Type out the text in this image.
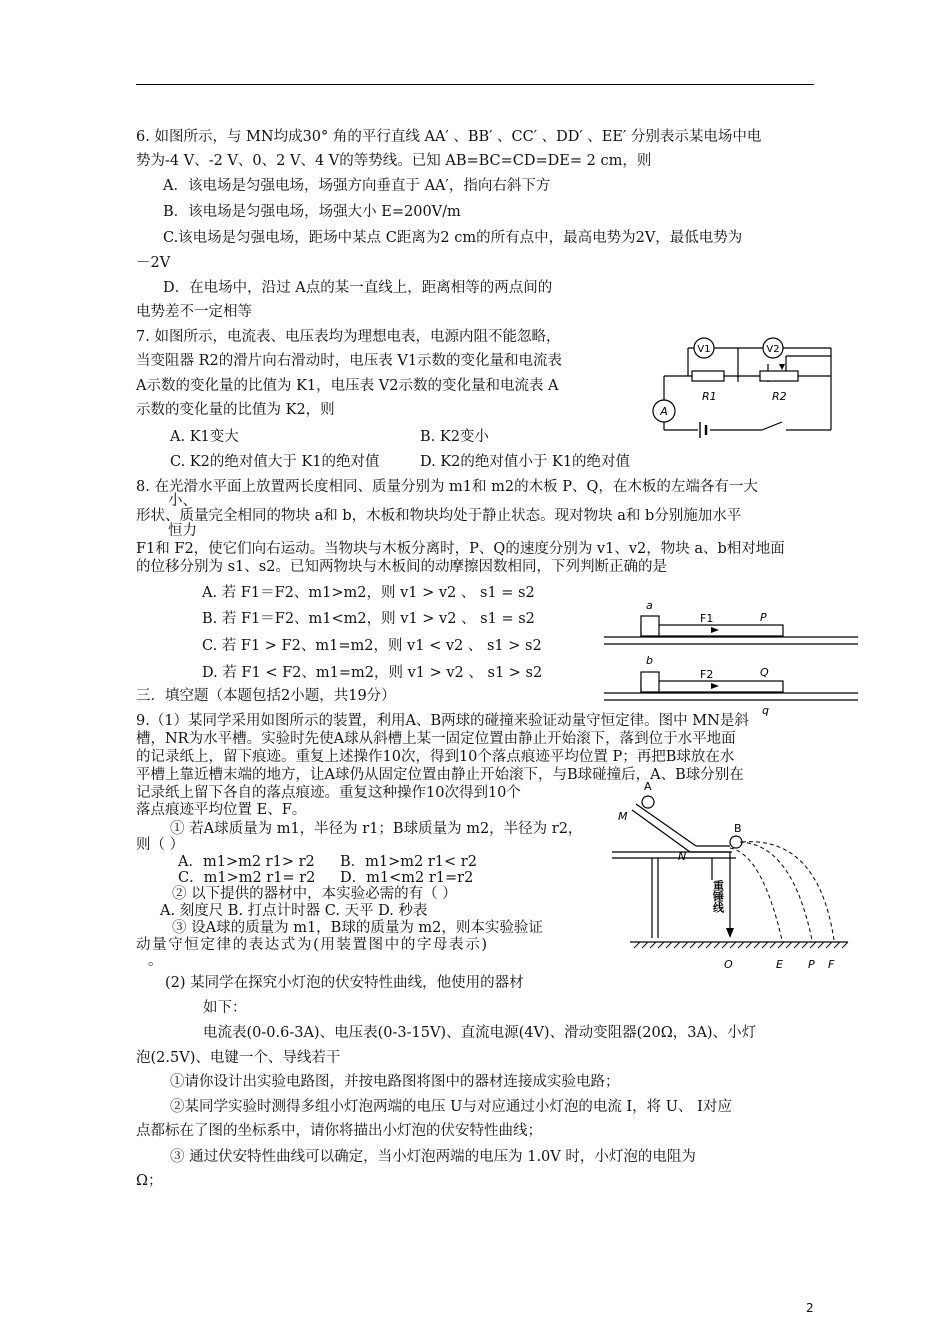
6. 如图所示，与 MN均成30° 角的平行直线 AA′ 、BB′ 、CC′ 、DD′ 、EE′ 分别表示某电场中电
势为-4 V、-2 V、0、2 V、4 V的等势线。已知 AB=BC=CD=DE= 2 cm，则
A．该电场是匀强电场，场强方向垂直于 AA′，指向右斜下方
B．该电场是匀强电场，场强大小 E=200V/m
C.该电场是匀强电场，距场中某点 C距离为2 cm的所有点中，最高电势为2V，最低电势为
－2V
D．在电场中，沿过 A点的某一直线上，距离相等的两点间的
电势差不一定相等
7. 如图所示，电流表、电压表均为理想电表，电源内阻不能忽略，
当变阻器 R2的滑片向右滑动时，电压表 V1示数的变化量和电流表
A示数的变化量的比值为 K1，电压表 V2示数的变化量和电流表 A
示数的变化量的比值为 K2，则
A. K1变大	B. K2变小
C. K2的绝对值大于 K1的绝对值	D. K2的绝对值小于 K1的绝对值
V1	V2
A
R1	R2
8. 在光滑水平面上放置两长度相同、质量分别为 m1和 m2的木板 P、Q，在木板的左端各有一大
小、
形状、质量完全相同的物块 a和 b，木板和物块均处于静止状态。现对物块 a和 b分别施加水平
恒力
F1和 F2，使它们向右运动。当物块与木板分离时，P、Q的速度分别为 v1、v2，物块 a、b相对地面
的位移分别为 s1、s2。已知两物块与木板间的动摩擦因数相同，下列判断正确的是
A. 若 F1＝F2、m1>m2，则 v1 > v2 、 s1 = s2
B. 若 F1＝F2、m1<m2，则 v1 > v2 、 s1 = s2
C. 若 F1 > F2、m1=m2，则 v1 < v2 、 s1 > s2
D. 若 F1 < F2、m1=m2，则 v1 > v2 、 s1 > s2
a
F1	P
b
F2	Q
q
三．填空题（本题包括2小题，共19分）
9.（1）某同学采用如图所示的装置，利用A、B两球的碰撞来验证动量守恒定律。图中 MN是斜
槽，NR为水平槽。实验时先使A球从斜槽上某一固定位置由静止开始滚下，落到位于水平地面
的记录纸上，留下痕迹。重复上述操作10次，得到10个落点痕迹平均位置 P；再把B球放在水
平槽上靠近槽末端的地方，让A球仍从固定位置由静止开始滚下，与B球碰撞后，A、B球分别在
记录纸上留下各自的落点痕迹。重复这种操作10次得到10个
落点痕迹平均位置 E、F。
① 若A球质量为 m1，半径为 r1；B球质量为 m2，半径为 r2，
则（ ）
A．m1>m2 r1> r2 B．m1>m2 r1< r2
C．m1>m2 r1= r2 D．m1<m2 r1=r2
② 以下提供的器材中，本实验必需的有（ ）
A. 刻度尺 B. 打点计时器 C. 天平 D. 秒表
③ 设A球的质量为 m1，B球的质量为 m2，则本实验验证
动量守恒定律的表达式为(用装置图中的字母表示)
。
A
B
M
N
重锤线
O	E P F
(2) 某同学在探究小灯泡的伏安特性曲线，他使用的器材
如下：
电流表(0-0.6-3A)、电压表(0-3-15V)、直流电源(4V)、滑动变阻器(20Ω，3A)、小灯
泡(2.5V)、电键一个、导线若干
①请你设计出实验电路图，并按电路图将图中的器材连接成实验电路；
②某同学实验时测得多组小灯泡两端的电压 U与对应通过小灯泡的电流 I，将 U、 I对应
点都标在了图的坐标系中，请你将描出小灯泡的伏安特性曲线；
③ 通过伏安特性曲线可以确定，当小灯泡两端的电压为 1.0V 时，小灯泡的电阻为
Ω；
2
